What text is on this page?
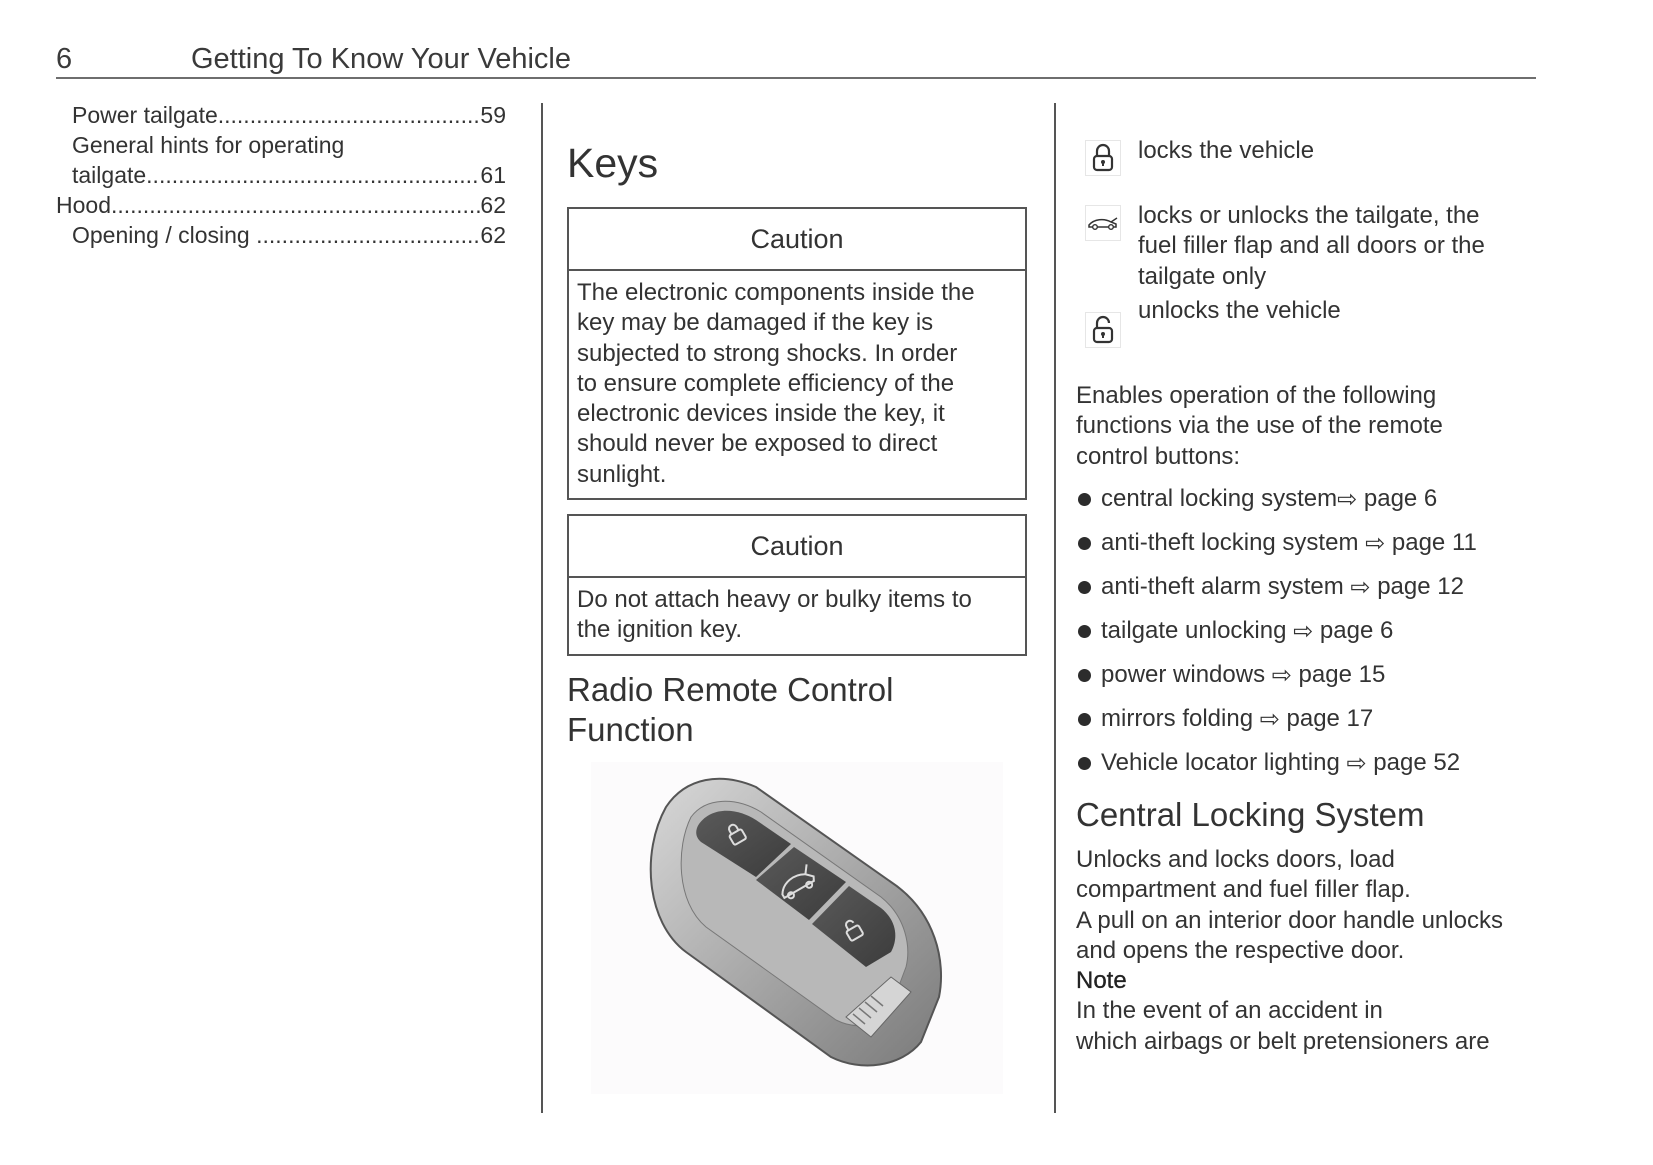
6	Getting To Know Your Vehicle
Power tailgate .....	59
General hints for operating
tailgate .....	61
Hood .....	62
Opening / closing .....	62
Keys
Caution
The electronic components inside the
key may be damaged if the key is
subjected to strong shocks. In order
to ensure complete efficiency of the
electronic devices inside the key, it
should never be exposed to direct
sunlight.
Caution
Do not attach heavy or bulky items to
the ignition key.
Radio Remote Control
Function
locks the vehicle
locks or unlocks the tailgate, the
fuel filler flap and all doors or the
tailgate only
unlocks the vehicle
Enables operation of the following
functions via the use of the remote
control buttons:
central locking system ⇨
page 6
anti-theft locking system
⇨
page 11
anti-theft alarm system
⇨
page 12
tailgate unlocking
⇨
page 6
power windows
⇨
page 15
mirrors folding
⇨
page 17
Vehicle locator lighting
⇨
page 52
Central Locking System
Unlocks and locks doors, load
compartment and fuel filler flap.
A pull on an interior door handle unlocks
and opens the respective door.
Note
In the event of an accident in
which airbags or belt pretensioners are
